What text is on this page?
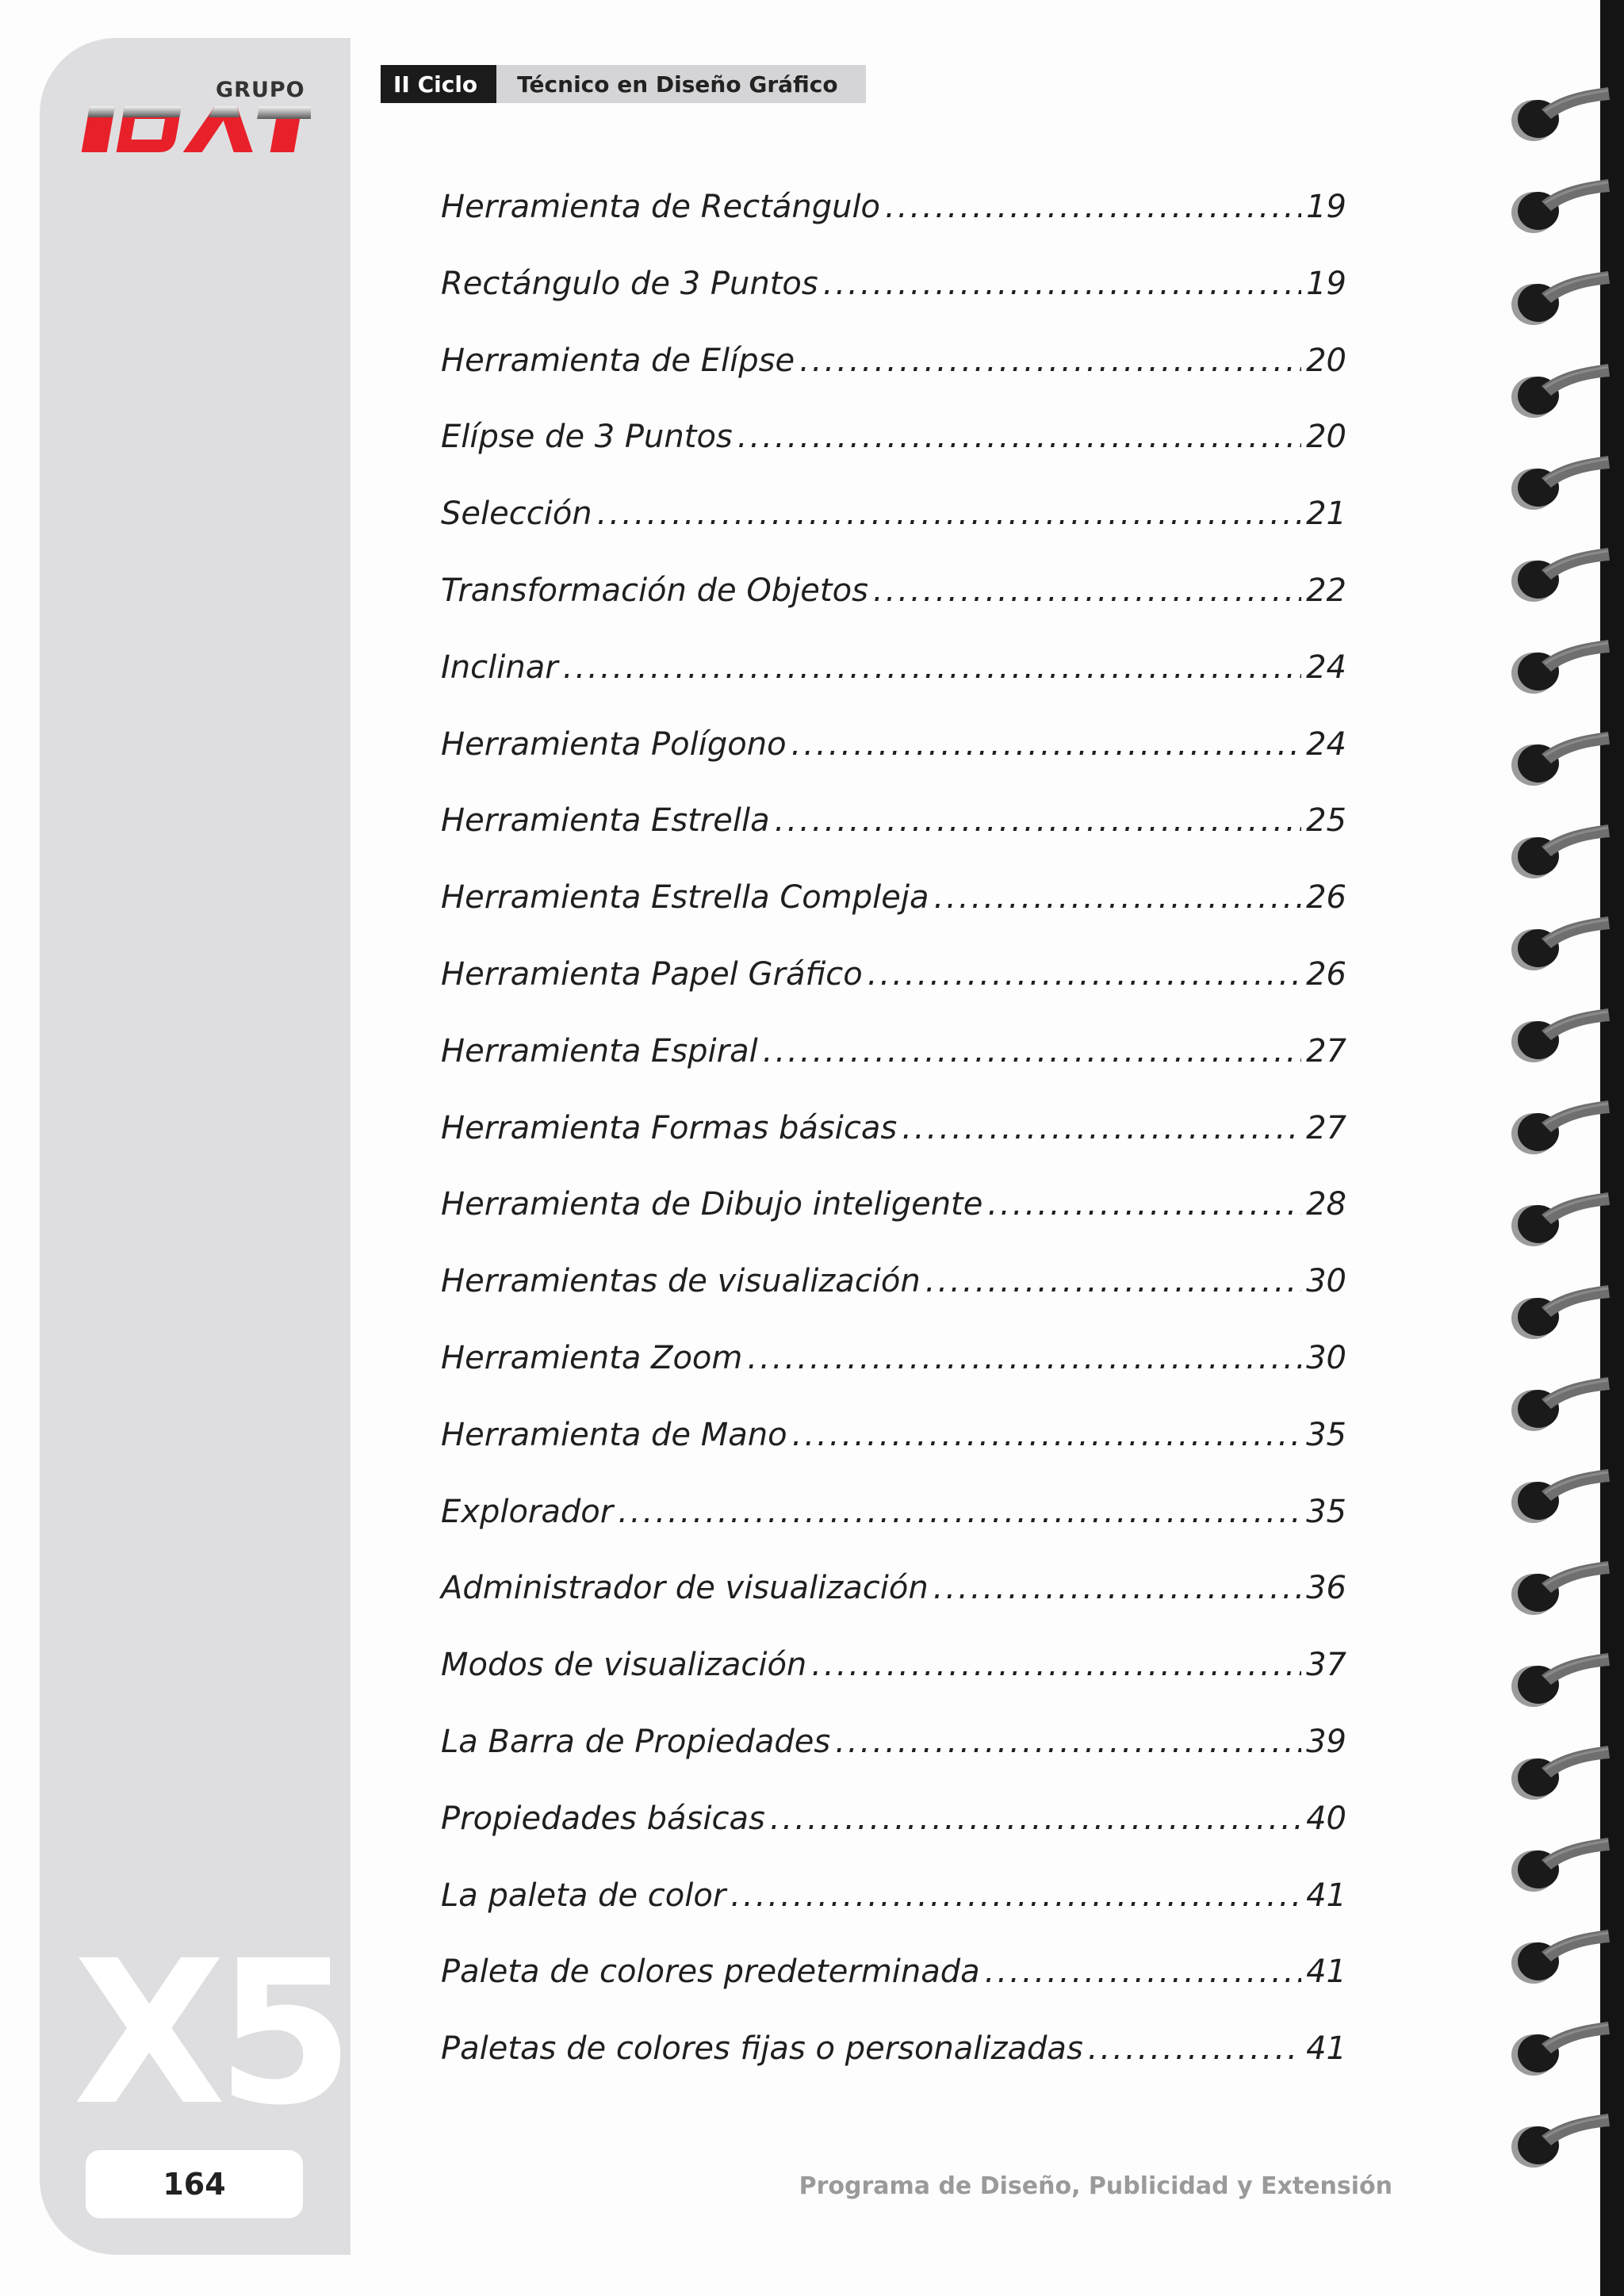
GRUPO
X5
164
II Ciclo	Técnico en Diseño Gráfico
Herramienta de Rectángulo .....	19
Rectángulo de 3 Puntos .....	19
Herramienta de Elípse .....	20
Elípse de 3 Puntos .....	20
Selección .....	21
Transformación de Objetos .....	22
Inclinar .....	24
Herramienta Polígono .....	24
Herramienta Estrella .....	25
Herramienta Estrella Compleja .....	26
Herramienta Papel Gráfico .....	26
Herramienta Espiral .....	27
Herramienta Formas básicas .....	27
Herramienta de Dibujo inteligente .....	28
Herramientas de visualización .....	30
Herramienta Zoom .....	30
Herramienta de Mano .....	35
Explorador .....	35
Administrador de visualización .....	36
Modos de visualización .....	37
La Barra de Propiedades .....	39
Propiedades básicas .....	40
La paleta de color .....	41
Paleta de colores predeterminada .....	41
Paletas de colores fijas o personalizadas .....	41
Programa de Diseño, Publicidad y Extensión
